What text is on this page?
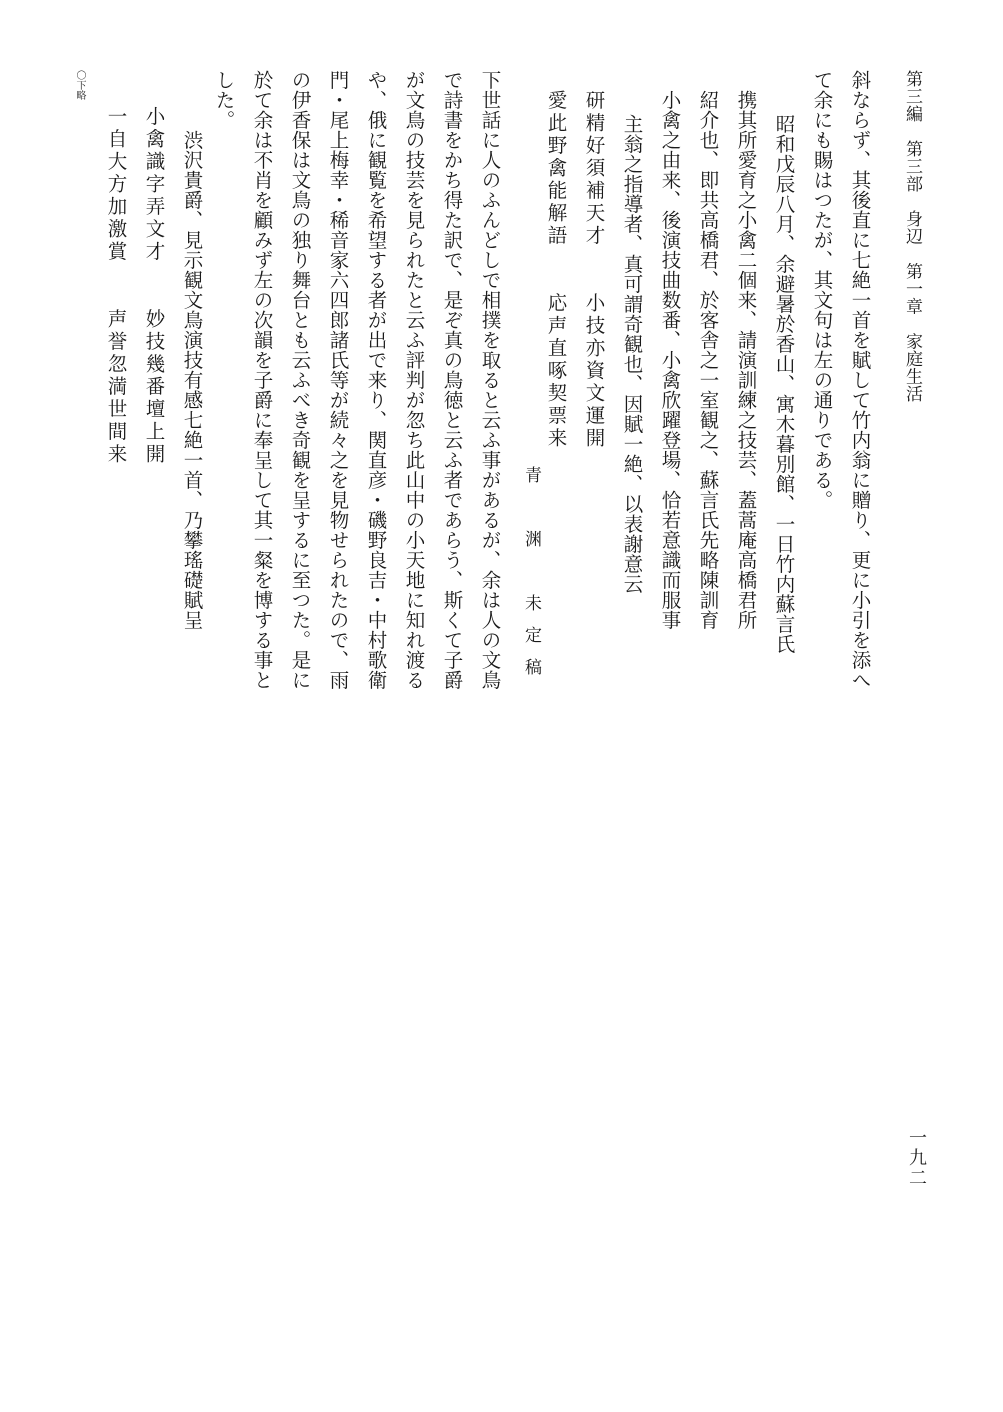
第三編　第三部　身辺　第一章　家庭生活
斜ならず、其後直に七絶一首を賦して竹内翁に贈り、更に小引を添へ
て余にも賜はつたが、其文句は左の通りである。
昭和戊辰八月、余避暑於香山、寓木暮別館、一日竹内蘇言氏
携其所愛育之小禽二個来、請演訓練之技芸、蓋蒿庵高橋君所
紹介也、即共高橋君、於客舎之一室観之、蘇言氏先略陳訓育
小禽之由来、後演技曲数番、小禽欣躍登場、恰若意識而服事
主翁之指導者、真可謂奇観也、因賦一絶、以表謝意云
研精好須補天才　　小技亦資文運開
愛此野禽能解語　　応声直啄契票来
青　渊　未定稿
下世話に人のふんどしで相撲を取ると云ふ事があるが、余は人の文鳥
で詩書をかち得た訳で、是ぞ真の鳥徳と云ふ者であらう、斯くて子爵
が文鳥の技芸を見られたと云ふ評判が忽ち此山中の小天地に知れ渡る
や、俄に観覧を希望する者が出で来り、関直彦・磯野良吉・中村歌衛
門・尾上梅幸・稀音家六四郎諸氏等が続々之を見物せられたので、雨
の伊香保は文鳥の独り舞台とも云ふべき奇観を呈するに至つた。是に
於て余は不肖を顧みず左の次韻を子爵に奉呈して其一粲を博する事と
した。
渋沢貴爵、見示観文鳥演技有感七絶一首、乃攀瑤礎賦呈
小禽識字弄文才　　妙技幾番壇上開
一自大方加激賞　　声誉忽満世間来
〇下略
一九二
